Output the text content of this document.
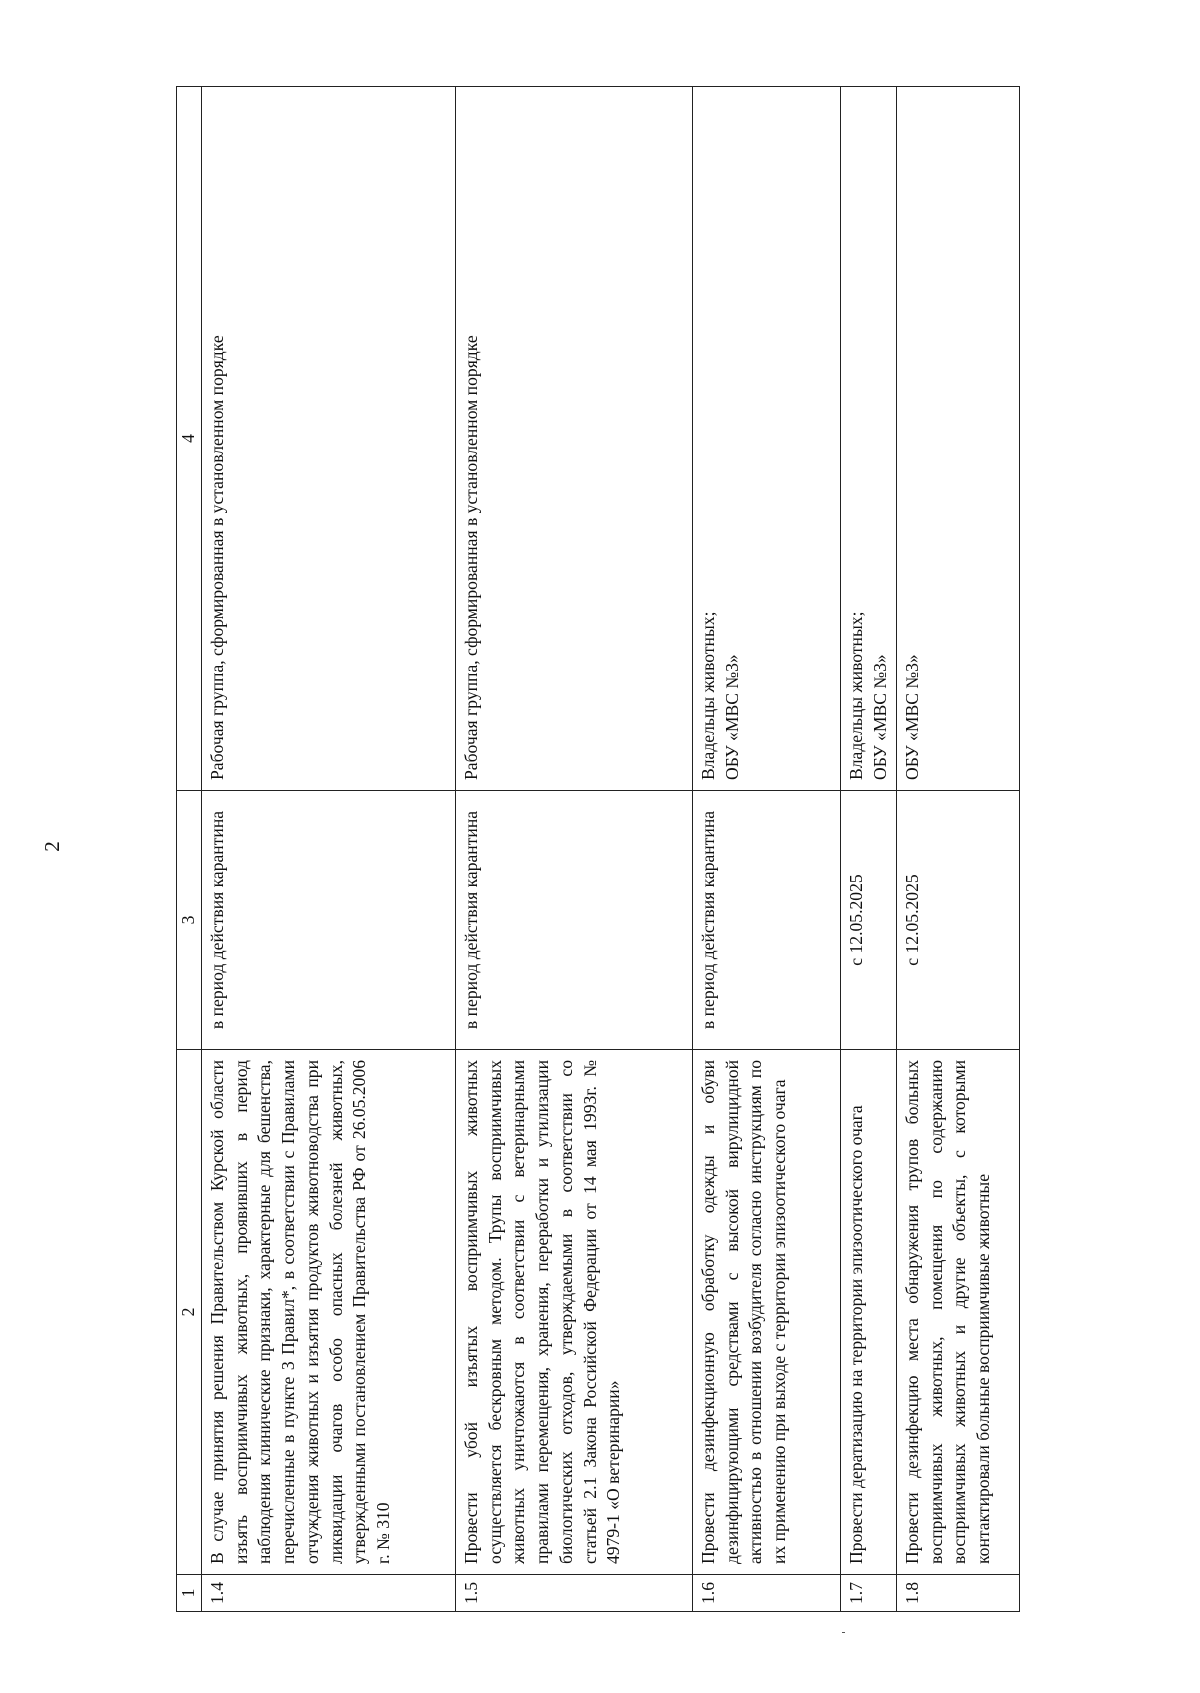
2
1	2	3	4
1.4	В случае принятия решения Правительством Курской области изъять восприимчивых животных, проявивших в период наблюдения клинические признаки, характерные для бешенства, перечисленные в пункте 3 Правил*, в соответствии с Правилами отчуждения животных и изъятия продуктов животноводства при ликвидации очагов особо опасных болезней животных, утвержденными постановлением Правительства РФ от 26.05.2006 г. № 310	в период действия карантина	Рабочая группа, сформированная в установленном порядке
1.5	Провести убой изъятых восприимчивых животных осуществляется бескровным методом. Трупы восприимчивых животных уничтожаются в соответствии с ветеринарными правилами перемещения, хранения, переработки и утилизации биологических отходов, утверждаемыми в соответствии со статьей 2.1 Закона Российской Федерации от 14 мая 1993г. № 4979-1 «О ветеринарии»	в период действия карантина	Рабочая группа, сформированная в установленном порядке
1.6	Провести дезинфекционную обработку одежды и обуви дезинфицирующими средствами с высокой вирулицидной активностью в отношении возбудителя согласно инструкциям по их применению при выходе с территории эпизоотического очага	в период действия карантина	Владельцы животных; ОБУ «МВС №3»

1.7	Провести дератизацию на территории эпизоотического очага	с 12.05.2025	Владельцы животных; ОБУ «МВС №3»

1.8	Провести дезинфекцию места обнаружения трупов больных восприимчивых животных, помещения по содержанию восприимчивых животных и другие объекты, с которыми контактировали больные восприимчивые животные	с 12.05.2025	ОБУ «МВС №3»
